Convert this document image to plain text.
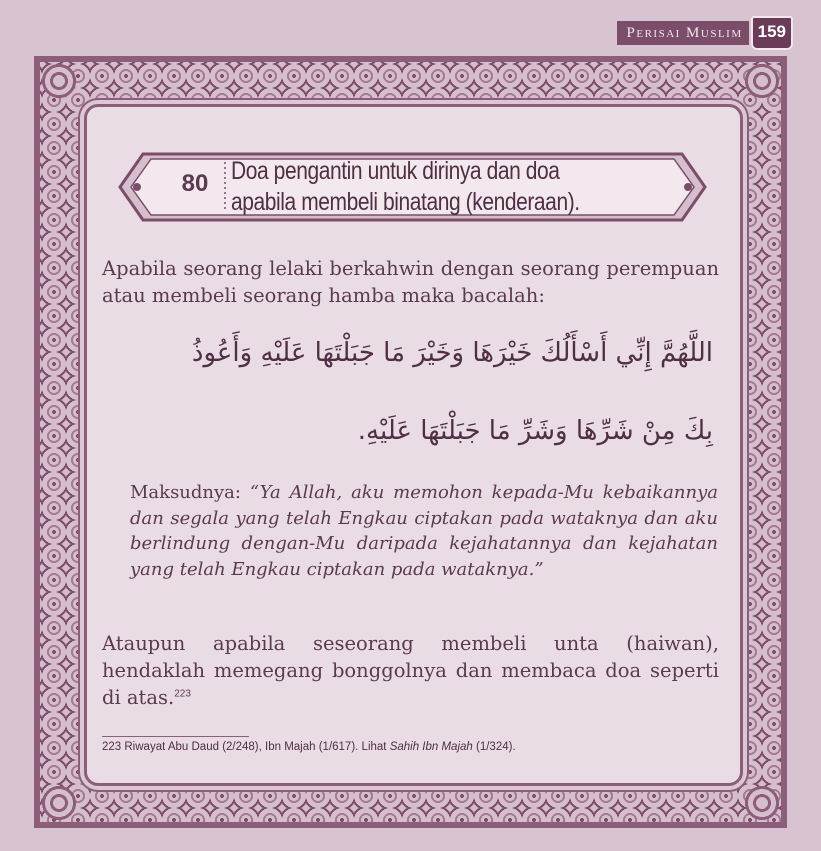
Perisai Muslim 159
80 Doa pengantin untuk dirinya dan doa
apabila membeli binatang (kenderaan).
Apabila seorang lelaki berkahwin dengan seorang perempuan atau membeli seorang hamba maka bacalah:
اللَّهُمَّ إِنِّي أَسْأَلُكَ خَيْرَهَا وَخَيْرَ مَا جَبَلْتَهَا عَلَيْهِ وَأَعُوذُ
بِكَ مِنْ شَرِّهَا وَشَرِّ مَا جَبَلْتَهَا عَلَيْهِ.
Maksudnya: “Ya Allah, aku memohon kepada-Mu kebaikannya dan segala yang telah Engkau ciptakan pada wataknya dan aku berlindung dengan-Mu daripada kejahatannya dan kejahatan yang telah Engkau ciptakan pada wataknya.”
Ataupun apabila seseorang membeli unta (haiwan), hendaklah memegang bonggolnya dan membaca doa seperti di atas.$^{223}$
223 Riwayat Abu Daud (2/248), Ibn Majah (1/617). Lihat Sahih Ibn Majah (1/324).
